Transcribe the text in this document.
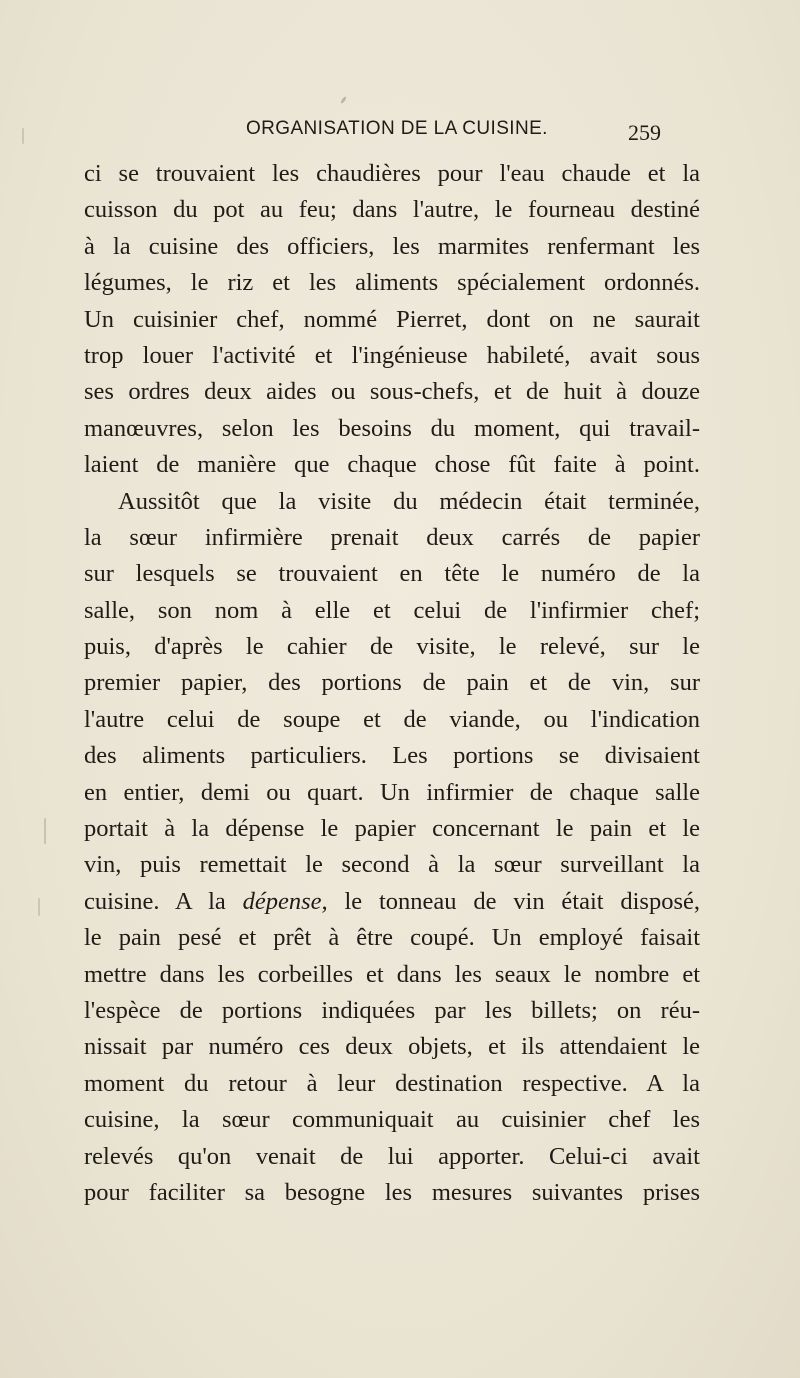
ORGANISATION DE LA CUISINE.	259
ci se trouvaient les chaudières pour l'eau chaude et la
cuisson du pot au feu; dans l'autre, le fourneau destiné
à la cuisine des officiers, les marmites renfermant les
légumes, le riz et les aliments spécialement ordonnés.
Un cuisinier chef, nommé Pierret, dont on ne saurait
trop louer l'activité et l'ingénieuse habileté, avait sous
ses ordres deux aides ou sous-chefs, et de huit à douze
manœuvres, selon les besoins du moment, qui travail-
laient de manière que chaque chose fût faite à point.
Aussitôt que la visite du médecin était terminée,
la sœur infirmière prenait deux carrés de papier
sur lesquels se trouvaient en tête le numéro de la
salle, son nom à elle et celui de l'infirmier chef;
puis, d'après le cahier de visite, le relevé, sur le
premier papier, des portions de pain et de vin, sur
l'autre celui de soupe et de viande, ou l'indication
des aliments particuliers. Les portions se divisaient
en entier, demi ou quart. Un infirmier de chaque salle
portait à la dépense le papier concernant le pain et le
vin, puis remettait le second à la sœur surveillant la
cuisine. A la dépense, le tonneau de vin était disposé,
le pain pesé et prêt à être coupé. Un employé faisait
mettre dans les corbeilles et dans les seaux le nombre et
l'espèce de portions indiquées par les billets; on réu-
nissait par numéro ces deux objets, et ils attendaient le
moment du retour à leur destination respective. A la
cuisine, la sœur communiquait au cuisinier chef les
relevés qu'on venait de lui apporter. Celui-ci avait
pour faciliter sa besogne les mesures suivantes prises
